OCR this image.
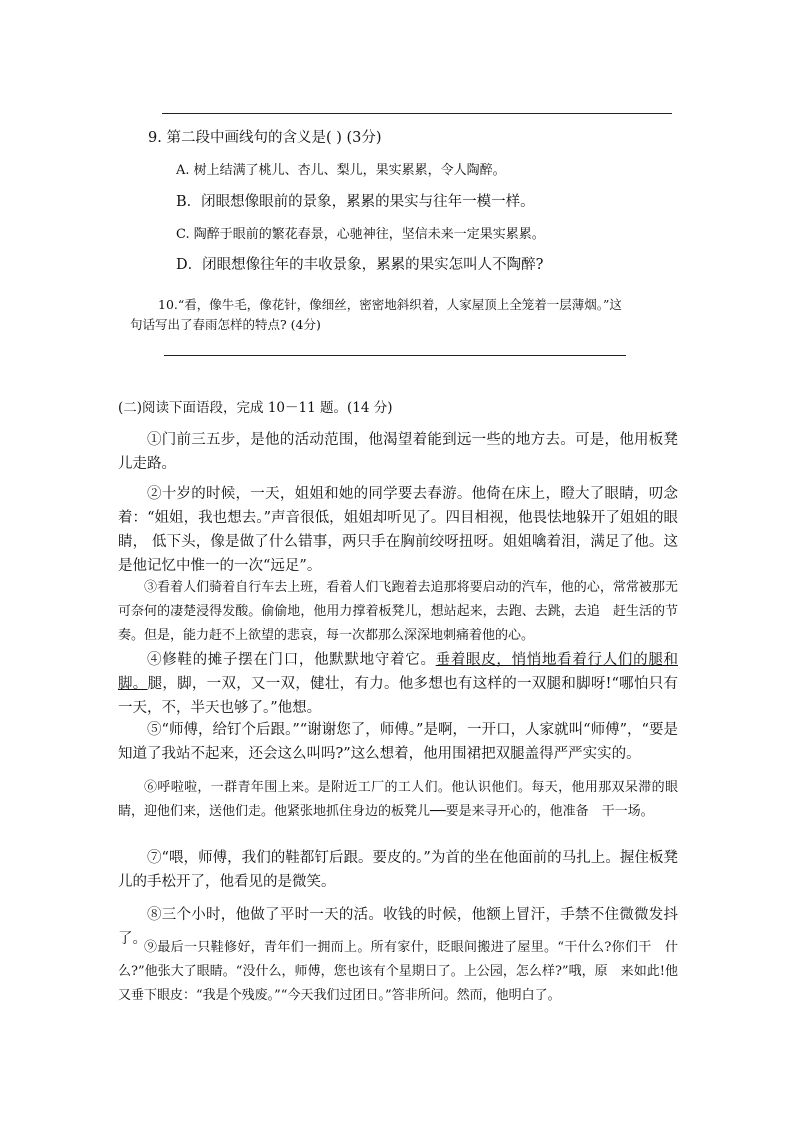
9. 第二段中画线句的含义是( ) (3分)
A. 树上结满了桃儿、杏儿、梨儿，果实累累，令人陶醉。
B．闭眼想像眼前的景象，累累的果实与往年一模一样。
C. 陶醉于眼前的繁花春景，心驰神往，坚信未来一定果实累累。
D．闭眼想像往年的丰收景象，累累的果实怎叫人不陶醉?
10.“看，像牛毛，像花针，像细丝，密密地斜织着，人家屋顶上全笼着一层薄烟。”这
句话写出了春雨怎样的特点? (4分)
(二)阅读下面语段，完成 10－11 题。(14 分)
①门前三五步，是他的活动范围，他渴望着能到远一些的地方去。可是，他用板凳儿走路。
②十岁的时候，一天，姐姐和她的同学要去春游。他倚在床上，瞪大了眼睛，叨念着：“姐姐，我也想去。”声音很低，姐姐却听见了。四目相视，他畏怯地躲开了姐姐的眼睛， 低下头，像是做了什么错事，两只手在胸前绞呀扭呀。姐姐噙着泪，满足了他。这是他记忆中惟一的一次“远足”。
③看着人们骑着自行车去上班，看着人们飞跑着去追那将要启动的汽车，他的心，常常被那无可奈何的凄楚浸得发酸。偷偷地，他用力撑着板凳儿，想站起来，去跑、去跳，去追　赶生活的节奏。但是，能力赶不上欲望的悲哀，每一次都那么深深地刺痛着他的心。
④修鞋的摊子摆在门口，他默默地守着它。垂着眼皮，悄悄地看着行人们的腿和脚。腿，脚，一双，又一双，健壮，有力。他多想也有这样的一双腿和脚呀!“哪怕只有一天，不，半天也够了。”他想。
⑤“师傅，给钉个后跟。”“谢谢您了，师傅。”是啊，一开口，人家就叫“师傅”，“要是知道了我站不起来，还会这么叫吗?”这么想着，他用围裙把双腿盖得严严实实的。
⑥呼啦啦，一群青年围上来。是附近工厂的工人们。他认识他们。每天，他用那双呆滞的眼睛，迎他们来，送他们走。他紧张地抓住身边的板凳儿──要是来寻开心的，他准备　干一场。
⑦“喂，师傅，我们的鞋都钉后跟。要皮的。”为首的坐在他面前的马扎上。握住板凳儿的手松开了，他看见的是微笑。
⑧三个小时，他做了平时一天的活。收钱的时候，他额上冒汗，手禁不住微微发抖了。
⑨最后一只鞋修好，青年们一拥而上。所有家什，眨眼间搬进了屋里。“干什么?你们干　什么?”他张大了眼睛。“没什么，师傅，您也该有个星期日了。上公园，怎么样?”哦，原　来如此!他又垂下眼皮：“我是个残废。”“今天我们过团日。”答非所问。然而，他明白了。
